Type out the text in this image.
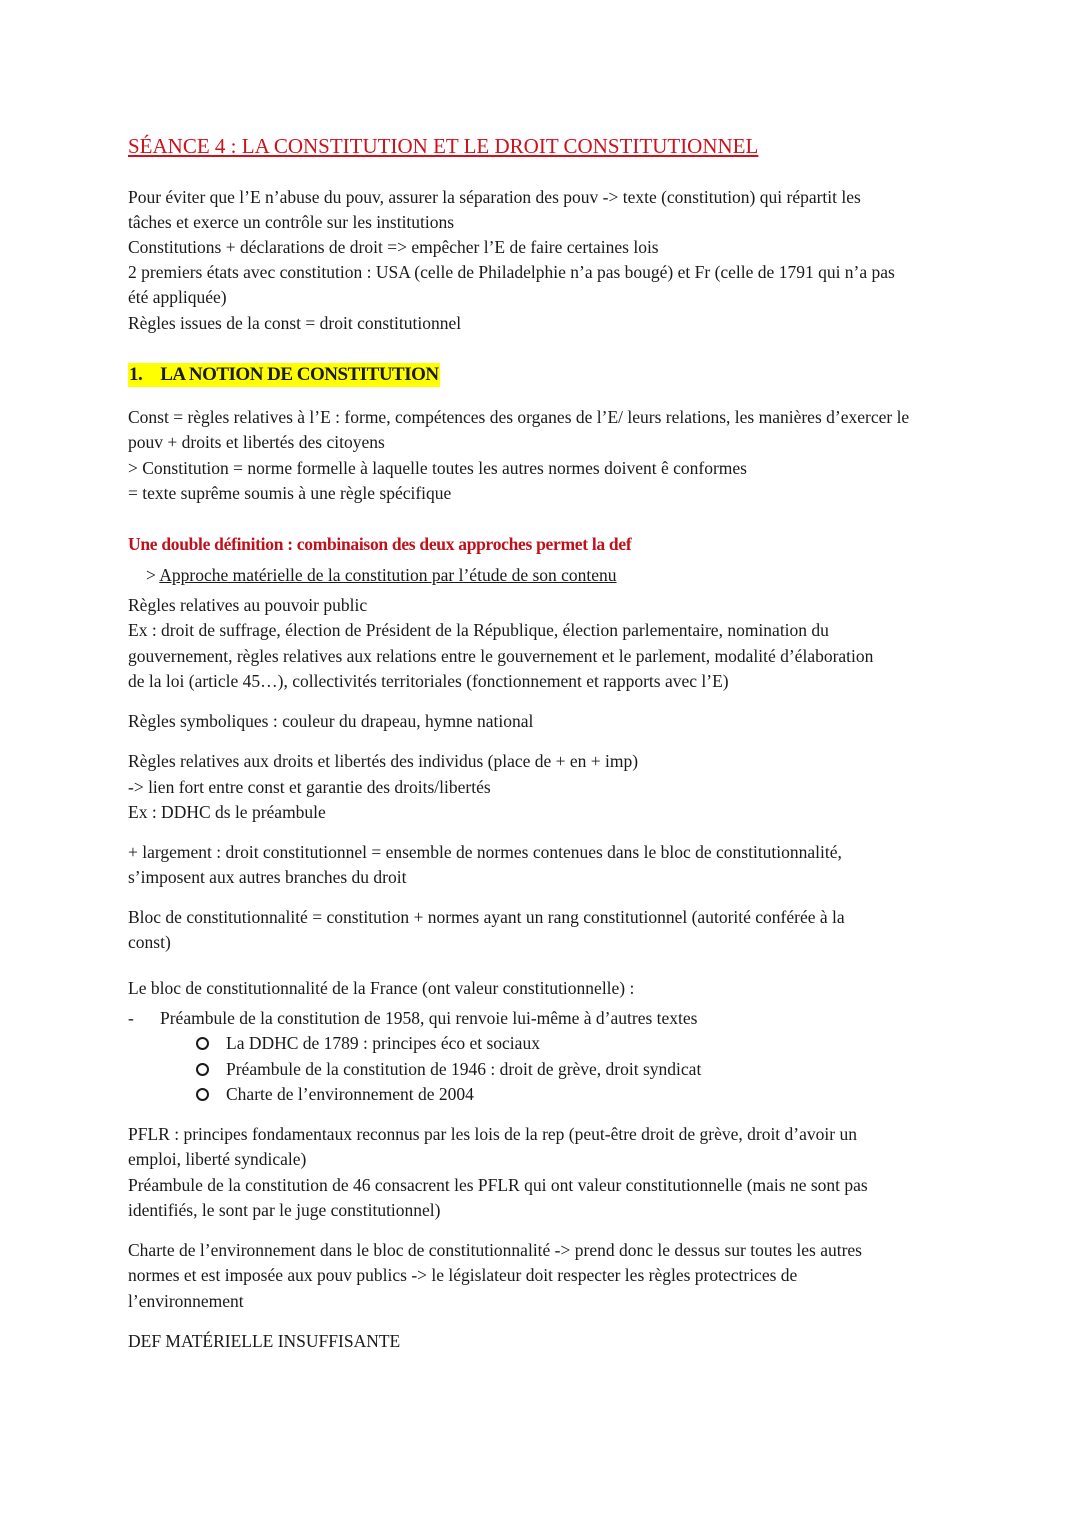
SÉANCE 4 : LA CONSTITUTION ET LE DROIT CONSTITUTIONNEL
1. LA NOTION DE CONSTITUTION
Une double définition : combinaison des deux approches permet la def
> Approche matérielle de la constitution par l’étude de son contenu
- Préambule de la constitution de 1958, qui renvoie lui-même à d’autres textes
Pour éviter que l’E n’abuse du pouv, assurer la séparation des pouv -> texte (constitution) qui répartit les
tâches et exerce un contrôle sur les institutions
Constitutions + déclarations de droit => empêcher l’E de faire certaines lois
2 premiers états avec constitution : USA (celle de Philadelphie n’a pas bougé) et Fr (celle de 1791 qui n’a pas
été appliquée)
Règles issues de la const = droit constitutionnel
Const = règles relatives à l’E : forme, compétences des organes de l’E/ leurs relations, les manières d’exercer le
pouv + droits et libertés des citoyens
> Constitution = norme formelle à laquelle toutes les autres normes doivent ê conformes
= texte suprême soumis à une règle spécifique
Règles relatives au pouvoir public
Ex : droit de suffrage, élection de Président de la République, élection parlementaire, nomination du
gouvernement, règles relatives aux relations entre le gouvernement et le parlement, modalité d’élaboration
de la loi (article 45…), collectivités territoriales (fonctionnement et rapports avec l’E)
Règles symboliques : couleur du drapeau, hymne national
Règles relatives aux droits et libertés des individus (place de + en + imp)
-> lien fort entre const et garantie des droits/libertés
Ex : DDHC ds le préambule
+ largement : droit constitutionnel = ensemble de normes contenues dans le bloc de constitutionnalité,
s’imposent aux autres branches du droit
Bloc de constitutionnalité = constitution + normes ayant un rang constitutionnel (autorité conférée à la
const)
Le bloc de constitutionnalité de la France (ont valeur constitutionnelle) :
La DDHC de 1789 : principes éco et sociaux
Préambule de la constitution de 1946 : droit de grève, droit syndicat
Charte de l’environnement de 2004
PFLR : principes fondamentaux reconnus par les lois de la rep (peut-être droit de grève, droit d’avoir un
emploi, liberté syndicale)
Préambule de la constitution de 46 consacrent les PFLR qui ont valeur constitutionnelle (mais ne sont pas
identifiés, le sont par le juge constitutionnel)
Charte de l’environnement dans le bloc de constitutionnalité -> prend donc le dessus sur toutes les autres
normes et est imposée aux pouv publics -> le législateur doit respecter les règles protectrices de
l’environnement
DEF MATÉRIELLE INSUFFISANTE
